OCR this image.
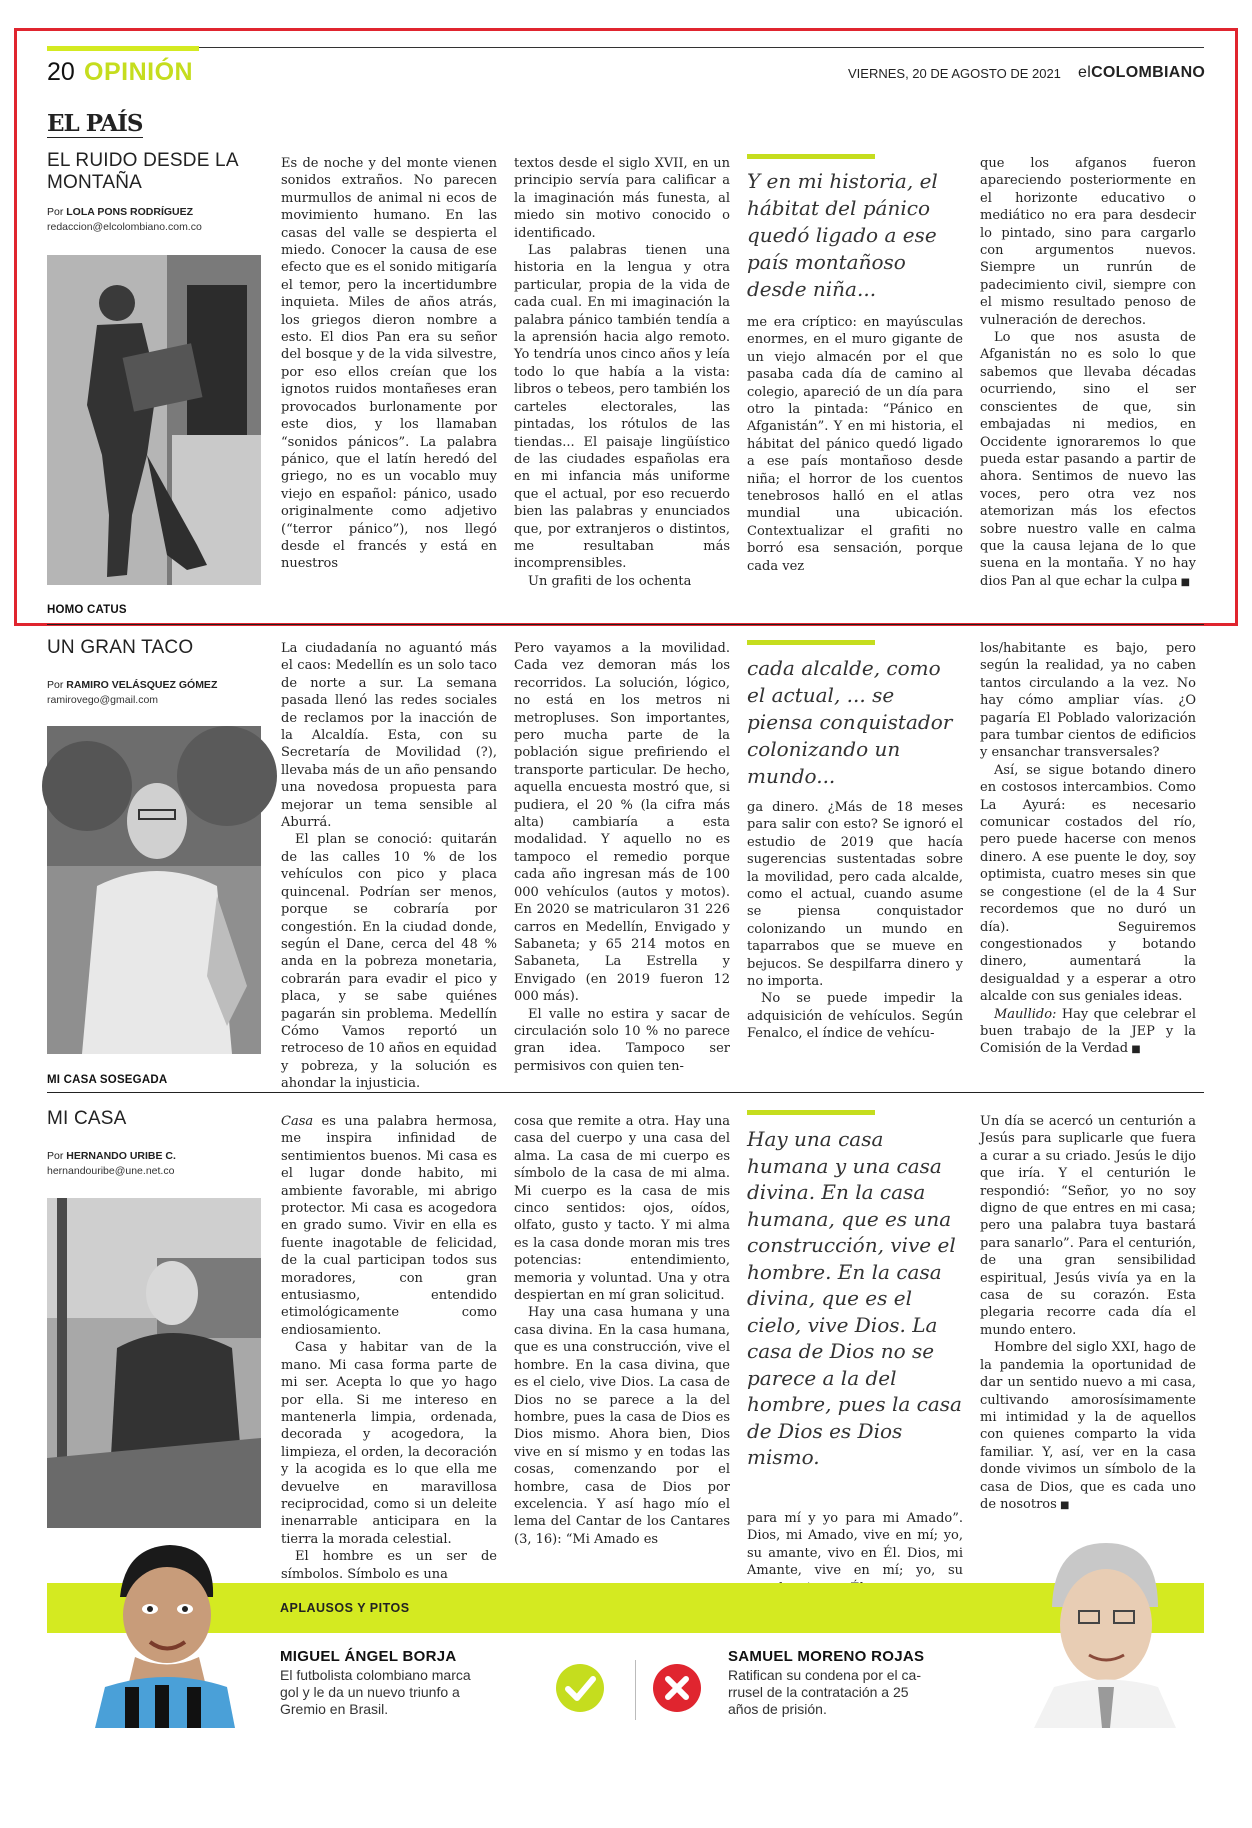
20 OPINIÓN	VIERNES, 20 DE AGOSTO DE 2021 elCOLOMBIANO
EL PAÍS
EL RUIDO DESDE LA MONTAÑA
Por LOLA PONS RODRÍGUEZ
redaccion@elcolombiano.com.co
HOMO CATUS

Es de noche y del monte vienen sonidos extraños. No parecen murmullos de animal ni ecos de movimiento humano. En las casas del valle se despierta el miedo. Conocer la causa de ese efecto que es el sonido mitigaría el temor, pero la incertidumbre inquieta. Miles de años atrás, los griegos dieron nombre a esto. El dios Pan era su señor del bosque y de la vida silvestre, por eso ellos creían que los ignotos ruidos montañeses eran provocados burlonamente por este dios, y los llamaban “sonidos pánicos”. La palabra pánico, que el latín heredó del griego, no es un vocablo muy viejo en español: pánico, usado originalmente como adjetivo (“terror pánico”), nos llegó desde el francés y está en nuestros

textos desde el siglo XVII, en un principio servía para calificar a la imaginación más funesta, al miedo sin motivo conocido o identificado.

Las palabras tienen una historia en la lengua y otra particular, propia de la vida de cada cual. En mi imaginación la palabra pánico también tendía a la aprensión hacia algo remoto. Yo tendría unos cinco años y leía todo lo que había a la vista: libros o tebeos, pero también los carteles electorales, las pintadas, los rótulos de las tiendas... El paisaje lingüístico de las ciudades españolas era en mi infancia más uniforme que el actual, por eso recuerdo bien las palabras y enunciados que, por extranjeros o distintos, me resultaban más incomprensibles.

Un grafiti de los ochenta

Y en mi historia, el hábitat del pánico quedó ligado a ese país montañoso desde niña...

me era críptico: en mayúsculas enormes, en el muro gigante de un viejo almacén por el que pasaba cada día de camino al colegio, apareció de un día para otro la pintada: “Pánico en Afganistán”. Y en mi historia, el hábitat del pánico quedó ligado a ese país montañoso desde niña; el horror de los cuentos tenebrosos halló en el atlas mundial una ubicación. Contextualizar el grafiti no borró esa sensación, porque cada vez

que los afganos fueron apareciendo posteriormente en el horizonte educativo o mediático no era para desdecir lo pintado, sino para cargarlo con argumentos nuevos. Siempre un runrún de padecimiento civil, siempre con el mismo resultado penoso de vulneración de derechos.

Lo que nos asusta de Afganistán no es solo lo que sabemos que llevaba décadas ocurriendo, sino el ser conscientes de que, sin embajadas ni medios, en Occidente ignoraremos lo que pueda estar pasando a partir de ahora. Sentimos de nuevo las voces, pero otra vez nos atemorizan más los efectos sobre nuestro valle en calma que la causa lejana de lo que suena en la montaña. Y no hay dios Pan al que echar la culpa ■

UN GRAN TACO
Por RAMIRO VELÁSQUEZ GÓMEZ
ramirovego@gmail.com
MI CASA SOSEGADA

La ciudadanía no aguantó más el caos: Medellín es un solo taco de norte a sur. La semana pasada llenó las redes sociales de reclamos por la inacción de la Alcaldía. Esta, con su Secretaría de Movilidad (?), llevaba más de un año pensando una novedosa propuesta para mejorar un tema sensible al Aburrá.

El plan se conoció: quitarán de las calles 10 % de los vehículos con pico y placa quincenal. Podrían ser menos, porque se cobraría por congestión. En la ciudad donde, según el Dane, cerca del 48 % anda en la pobreza monetaria, cobrarán para evadir el pico y placa, y se sabe quiénes pagarán sin problema. Medellín Cómo Vamos reportó un retroceso de 10 años en equidad y pobreza, y la solución es ahondar la injusticia.

Pero vayamos a la movilidad. Cada vez demoran más los recorridos. La solución, lógico, no está en los metros ni metropluses. Son importantes, pero mucha parte de la población sigue prefiriendo el transporte particular. De hecho, aquella encuesta mostró que, si pudiera, el 20 % (la cifra más alta) cambiaría a esta modalidad. Y aquello no es tampoco el remedio porque cada año ingresan más de 100 000 vehículos (autos y motos). En 2020 se matricularon 31 226 carros en Medellín, Envigado y Sabaneta; y 65 214 motos en Sabaneta, La Estrella y Envigado (en 2019 fueron 12 000 más).

El valle no estira y sacar de circulación solo 10 % no parece gran idea. Tampoco ser permisivos con quien ten-

cada alcalde, como el actual, ... se piensa conquistador colonizando un mundo...

ga dinero. ¿Más de 18 meses para salir con esto? Se ignoró el estudio de 2019 que hacía sugerencias sustentadas sobre la movilidad, pero cada alcalde, como el actual, cuando asume se piensa conquistador colonizando un mundo en taparrabos que se mueve en bejucos. Se despilfarra dinero y no importa.

No se puede impedir la adquisición de vehículos. Según Fenalco, el índice de vehícu-

los/habitante es bajo, pero según la realidad, ya no caben tantos circulando a la vez. No hay cómo ampliar vías. ¿O pagaría El Poblado valorización para tumbar cientos de edificios y ensanchar transversales?

Así, se sigue botando dinero en costosos intercambios. Como La Ayurá: es necesario comunicar costados del río, pero puede hacerse con menos dinero. A ese puente le doy, soy optimista, cuatro meses sin que se congestione (el de la 4 Sur recordemos que no duró un día). Seguiremos congestionados y botando dinero, aumentará la desigualdad y a esperar a otro alcalde con sus geniales ideas.

Maullido: Hay que celebrar el buen trabajo de la JEP y la Comisión de la Verdad ■

MI CASA
Por HERNANDO URIBE C.
hernandouribe@une.net.co

Casa es una palabra hermosa, me inspira infinidad de sentimientos buenos. Mi casa es el lugar donde habito, mi ambiente favorable, mi abrigo protector. Mi casa es acogedora en grado sumo. Vivir en ella es fuente inagotable de felicidad, de la cual participan todos sus moradores, con gran entusiasmo, entendido etimológicamente como endiosamiento.

Casa y habitar van de la mano. Mi casa forma parte de mi ser. Acepta lo que yo hago por ella. Si me intereso en mantenerla limpia, ordenada, decorada y acogedora, la limpieza, el orden, la decoración y la acogida es lo que ella me devuelve en maravillosa reciprocidad, como si un deleite inenarrable anticipara en la tierra la morada celestial.

El hombre es un ser de símbolos. Símbolo es una

cosa que remite a otra. Hay una casa del cuerpo y una casa del alma. La casa de mi cuerpo es símbolo de la casa de mi alma. Mi cuerpo es la casa de mis cinco sentidos: ojos, oídos, olfato, gusto y tacto. Y mi alma es la casa donde moran mis tres potencias: entendimiento, memoria y voluntad. Una y otra despiertan en mí gran solicitud.

Hay una casa humana y una casa divina. En la casa humana, que es una construcción, vive el hombre. En la casa divina, que es el cielo, vive Dios. La casa de Dios no se parece a la del hombre, pues la casa de Dios es Dios mismo. Ahora bien, Dios vive en sí mismo y en todas las cosas, comenzando por el hombre, casa de Dios por excelencia. Y así hago mío el lema del Cantar de los Cantares (3, 16): “Mi Amado es

Hay una casa humana y una casa divina. En la casa humana, que es una construcción, vive el hombre. En la casa divina, que es el cielo, vive Dios. La casa de Dios no se parece a la del hombre, pues la casa de Dios es Dios mismo.

para mí y yo para mi Amado”. Dios, mi Amado, vive en mí; yo, su amante, vivo en Él. Dios, mi Amante, vive en mí; yo, su

Un día se acercó un centurión a Jesús para suplicarle que fuera a curar a su criado. Jesús le dijo que iría. Y el centurión le respondió: “Señor, yo no soy digno de que entres en mi casa; pero una palabra tuya bastará para sanarlo”. Para el centurión, de una gran sensibilidad espiritual, Jesús vivía ya en la casa de su corazón. Esta plegaria recorre cada día el mundo entero.

Hombre del siglo XXI, hago de la pandemia la oportunidad de dar un sentido nuevo a mi casa, cultivando amorosísimamente mi intimidad y la de aquellos con quienes comparto la vida familiar. Y, así, ver en la casa donde vivimos un símbolo de la casa de Dios, que es cada uno de nosotros ■

APLAUSOS Y PITOS
MIGUEL ÁNGEL BORJA
El futbolista colombiano marca
gol y le da un nuevo triunfo a
Gremio en Brasil.
SAMUEL MORENO ROJAS
Ratifican su condena por el ca-
rrusel de la contratación a 25
años de prisión.
